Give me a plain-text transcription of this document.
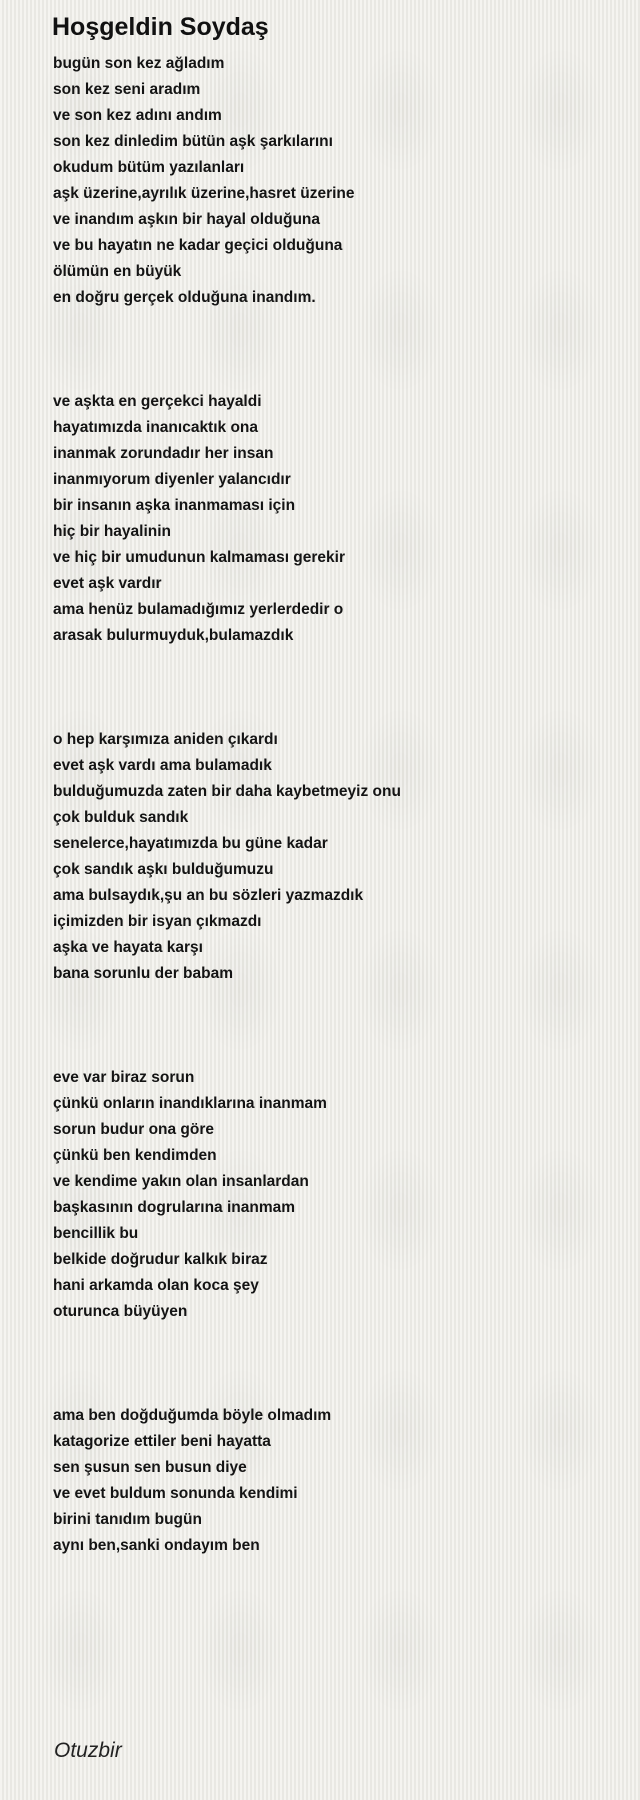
Hoşgeldin Soydaş
bugün son kez ağladım
son kez seni aradım
ve son kez adını andım
son kez dinledim bütün aşk şarkılarını
okudum bütüm yazılanları
aşk üzerine,ayrılık üzerine,hasret üzerine
ve inandım aşkın bir hayal olduğuna
ve bu hayatın ne kadar geçici olduğuna
ölümün en büyük
en doğru gerçek olduğuna inandım.
ve aşkta en gerçekci hayaldi
hayatımızda inanıcaktık ona
inanmak zorundadır her insan
inanmıyorum diyenler yalancıdır
bir insanın aşka inanmaması için
hiç bir hayalinin
ve hiç bir umudunun kalmaması gerekir
evet aşk vardır
ama henüz bulamadığımız yerlerdedir o
arasak bulurmuyduk,bulamazdık
o hep karşımıza aniden çıkardı
evet aşk vardı ama bulamadık
bulduğumuzda zaten bir daha kaybetmeyiz onu
çok bulduk sandık
senelerce,hayatımızda bu güne kadar
çok sandık aşkı bulduğumuzu
ama bulsaydık,şu an bu sözleri yazmazdık
içimizden bir isyan çıkmazdı
aşka ve hayata karşı
bana sorunlu der babam
eve var biraz sorun
çünkü onların inandıklarına inanmam
sorun budur ona göre
çünkü ben kendimden
ve kendime yakın olan insanlardan
başkasının dogrularına inanmam
bencillik bu
belkide doğrudur kalkık biraz
hani arkamda olan koca şey
oturunca büyüyen
ama ben doğduğumda böyle olmadım
katagorize ettiler beni hayatta
sen şusun sen busun diye
ve evet buldum sonunda kendimi
birini tanıdım bugün
aynı ben,sanki ondayım ben
Otuzbir
